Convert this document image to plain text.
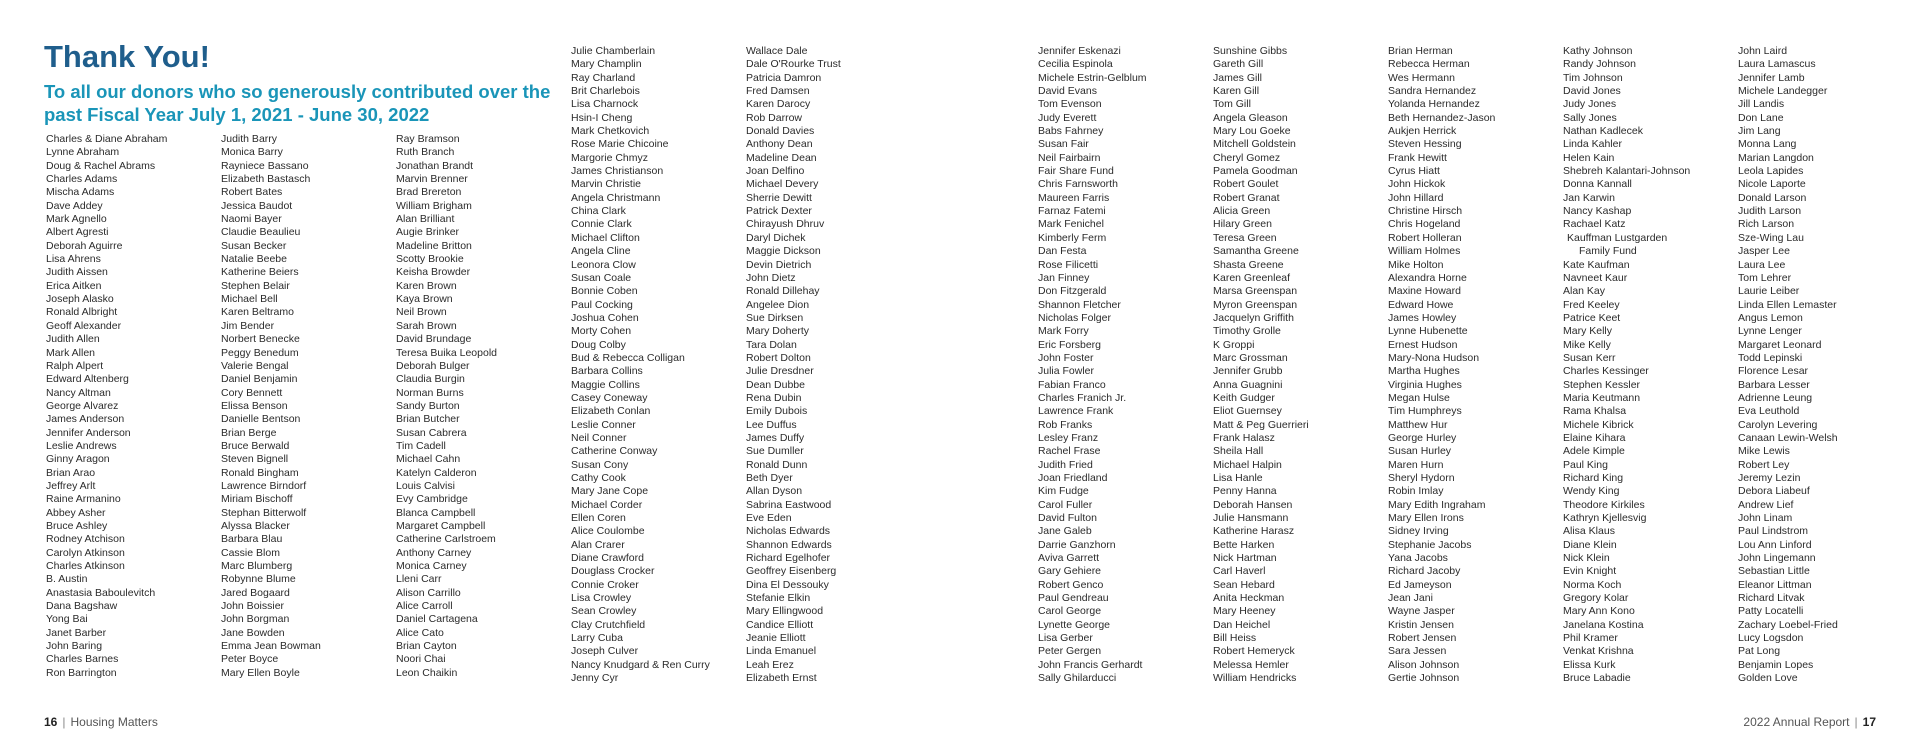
Thank You!

To all our donors who so generously contributed over the past Fiscal Year July 1, 2021 - June 30, 2022

Charles & Diane Abraham
Lynne Abraham
Doug & Rachel Abrams
Charles Adams
Mischa Adams
Dave Addey
Mark Agnello
Albert Agresti
Deborah Aguirre
Lisa Ahrens
Judith Aissen
Erica Aitken
Joseph Alasko
Ronald Albright
Geoff Alexander
Judith Allen
Mark Allen
Ralph Alpert
Edward Altenberg
Nancy Altman
George Alvarez
James Anderson
Jennifer Anderson
Leslie Andrews
Ginny Aragon
Brian Arao
Jeffrey Arlt
Raine Armanino
Abbey Asher
Bruce Ashley
Rodney Atchison
Carolyn Atkinson
Charles Atkinson
B. Austin
Anastasia Baboulevitch
Dana Bagshaw
Yong Bai
Janet Barber
John Baring
Charles Barnes
Ron Barrington
Judith Barry
Monica Barry
Rayniece Bassano
Elizabeth Bastasch
Robert Bates
Jessica Baudot
Naomi Bayer
Claudie Beaulieu
Susan Becker
Natalie Beebe
Katherine Beiers
Stephen Belair
Michael Bell
Karen Beltramo
Jim Bender
Norbert Benecke
Peggy Benedum
Valerie Bengal
Daniel Benjamin
Cory Bennett
Elissa Benson
Danielle Bentson
Brian Berge
Bruce Berwald
Steven Bignell
Ronald Bingham
Lawrence Birndorf
Miriam Bischoff
Stephan Bitterwolf
Alyssa Blacker
Barbara Blau
Cassie Blom
Marc Blumberg
Robynne Blume
Jared Bogaard
John Boissier
John Borgman
Jane Bowden
Emma Jean Bowman
Peter Boyce
Mary Ellen Boyle
Ray Bramson
Ruth Branch
Jonathan Brandt
Marvin Brenner
Brad Brereton
William Brigham
Alan Brilliant
Augie Brinker
Madeline Britton
Scotty Brookie
Keisha Browder
Karen Brown
Kaya Brown
Neil Brown
Sarah Brown
David Brundage
Teresa Buika Leopold
Deborah Bulger
Claudia Burgin
Norman Burns
Sandy Burton
Brian Butcher
Susan Cabrera
Tim Cadell
Michael Cahn
Katelyn Calderon
Louis Calvisi
Evy Cambridge
Blanca Campbell
Margaret Campbell
Catherine Carlstroem
Anthony Carney
Monica Carney
Lleni Carr
Alison Carrillo
Alice Carroll
Daniel Cartagena
Alice Cato
Brian Cayton
Noori Chai
Leon Chaikin
Julie Chamberlain
Mary Champlin
Ray Charland
Brit Charlebois
Lisa Charnock
Hsin-I Cheng
Mark Chetkovich
Rose Marie Chicoine
Margorie Chmyz
James Christianson
Marvin Christie
Angela Christmann
China Clark
Connie Clark
Michael Clifton
Angela Cline
Leonora Clow
Susan Coale
Bonnie Coben
Paul Cocking
Joshua Cohen
Morty Cohen
Doug Colby
Bud & Rebecca Colligan
Barbara Collins
Maggie Collins
Casey Coneway
Elizabeth Conlan
Leslie Conner
Neil Conner
Catherine Conway
Susan Cony
Cathy Cook
Mary Jane Cope
Michael Corder
Ellen Coren
Alice Coulombe
Alan Crarer
Diane Crawford
Douglass Crocker
Connie Croker
Lisa Crowley
Sean Crowley
Clay Crutchfield
Larry Cuba
Joseph Culver
Nancy Knudgard & Ren Curry
Jenny Cyr
Wallace Dale
Dale O'Rourke Trust
Patricia Damron
Fred Damsen
Karen Darocy
Rob Darrow
Donald Davies
Anthony Dean
Madeline Dean
Joan Delfino
Michael Devery
Sherrie Dewitt
Patrick Dexter
Chirayush Dhruv
Daryl Dichek
Maggie Dickson
Devin Dietrich
John Dietz
Ronald Dillehay
Angelee Dion
Sue Dirksen
Mary Doherty
Tara Dolan
Robert Dolton
Julie Dresdner
Dean Dubbe
Rena Dubin
Emily Dubois
Lee Duffus
James Duffy
Sue Dumller
Ronald Dunn
Beth Dyer
Allan Dyson
Sabrina Eastwood
Eve Eden
Nicholas Edwards
Shannon Edwards
Richard Egelhofer
Geoffrey Eisenberg
Dina El Dessouky
Stefanie Elkin
Mary Ellingwood
Candice Elliott
Jeanie Elliott
Linda Emanuel
Leah Erez
Elizabeth Ernst
16 | Housing Matters
Jennifer Eskenazi
Cecilia Espinola
Michele Estrin-Gelblum
David Evans
Tom Evenson
Judy Everett
Babs Fahrney
Susan Fair
Neil Fairbairn
Fair Share Fund
Chris Farnsworth
Maureen Farris
Farnaz Fatemi
Mark Fenichel
Kimberly Ferm
Dan Festa
Rose Filicetti
Jan Finney
Don Fitzgerald
Shannon Fletcher
Nicholas Folger
Mark Forry
Eric Forsberg
John Foster
Julia Fowler
Fabian Franco
Charles Franich Jr.
Lawrence Frank
Rob Franks
Lesley Franz
Rachel Frase
Judith Fried
Joan Friedland
Kim Fudge
Carol Fuller
David Fulton
Jane Galeb
Darrie Ganzhorn
Aviva Garrett
Gary Gehiere
Robert Genco
Paul Gendreau
Carol George
Lynette George
Lisa Gerber
Peter Gergen
John Francis Gerhardt
Sally Ghilarducci
Sunshine Gibbs
Gareth Gill
James Gill
Karen Gill
Tom Gill
Angela Gleason
Mary Lou Goeke
Mitchell Goldstein
Cheryl Gomez
Pamela Goodman
Robert Goulet
Robert Granat
Alicia Green
Hilary Green
Teresa Green
Samantha Greene
Shasta Greene
Karen Greenleaf
Marsa Greenspan
Myron Greenspan
Jacquelyn Griffith
Timothy Grolle
K Groppi
Marc Grossman
Jennifer Grubb
Anna Guagnini
Keith Gudger
Eliot Guernsey
Matt & Peg Guerrieri
Frank Halasz
Sheila Hall
Michael Halpin
Lisa Hanle
Penny Hanna
Deborah Hansen
Julie Hansmann
Katherine Harasz
Bette Harken
Nick Hartman
Carl Haverl
Sean Hebard
Anita Heckman
Mary Heeney
Dan Heichel
Bill Heiss
Robert Hemeryck
Melessa Hemler
William Hendricks
Brian Herman
Rebecca Herman
Wes Hermann
Sandra Hernandez
Yolanda Hernandez
Beth Hernandez-Jason
Aukjen Herrick
Steven Hessing
Frank Hewitt
Cyrus Hiatt
John Hickok
John Hillard
Christine Hirsch
Chris Hogeland
Robert Holleran
William Holmes
Mike Holton
Alexandra Horne
Maxine Howard
Edward Howe
James Howley
Lynne Hubenette
Ernest Hudson
Mary-Nona Hudson
Martha Hughes
Virginia Hughes
Megan Hulse
Tim Humphreys
Matthew Hur
George Hurley
Susan Hurley
Maren Hurn
Sheryl Hydorn
Robin Imlay
Mary Edith Ingraham
Mary Ellen Irons
Sidney Irving
Stephanie Jacobs
Yana Jacobs
Richard Jacoby
Ed Jameyson
Jean Jani
Wayne Jasper
Kristin Jensen
Robert Jensen
Sara Jessen
Alison Johnson
Gertie Johnson
Kathy Johnson
Randy Johnson
Tim Johnson
David Jones
Judy Jones
Sally Jones
Nathan Kadlecek
Linda Kahler
Helen Kain
Shebreh Kalantari-Johnson
Donna Kannall
Jan Karwin
Nancy Kashap
Rachael Katz
Kauffman Lustgarden
Family Fund
Kate Kaufman
Navneet Kaur
Alan Kay
Fred Keeley
Patrice Keet
Mary Kelly
Mike Kelly
Susan Kerr
Charles Kessinger
Stephen Kessler
Maria Keutmann
Rama Khalsa
Michele Kibrick
Elaine Kihara
Adele Kimple
Paul King
Richard King
Wendy King
Theodore Kirkiles
Kathryn Kjellesvig
Alisa Klaus
Diane Klein
Nick Klein
Evin Knight
Norma Koch
Gregory Kolar
Mary Ann Kono
Janelana Kostina
Phil Kramer
Venkat Krishna
Elissa Kurk
Bruce Labadie
John Laird
Laura Lamascus
Jennifer Lamb
Michele Landegger
Jill Landis
Don Lane
Jim Lang
Monna Lang
Marian Langdon
Leola Lapides
Nicole Laporte
Donald Larson
Judith Larson
Rich Larson
Sze-Wing Lau
Jasper Lee
Laura Lee
Tom Lehrer
Laurie Leiber
Linda Ellen Lemaster
Angus Lemon
Lynne Lenger
Margaret Leonard
Todd Lepinski
Florence Lesar
Barbara Lesser
Adrienne Leung
Eva Leuthold
Carolyn Levering
Canaan Lewin-Welsh
Mike Lewis
Robert Ley
Jeremy Lezin
Debora Liabeuf
Andrew Lief
John Linam
Paul Lindstrom
Lou Ann Linford
John Lingemann
Sebastian Little
Eleanor Littman
Richard Litvak
Patty Locatelli
Zachary Loebel-Fried
Lucy Logsdon
Pat Long
Benjamin Lopes
Golden Love
2022 Annual Report | 17
